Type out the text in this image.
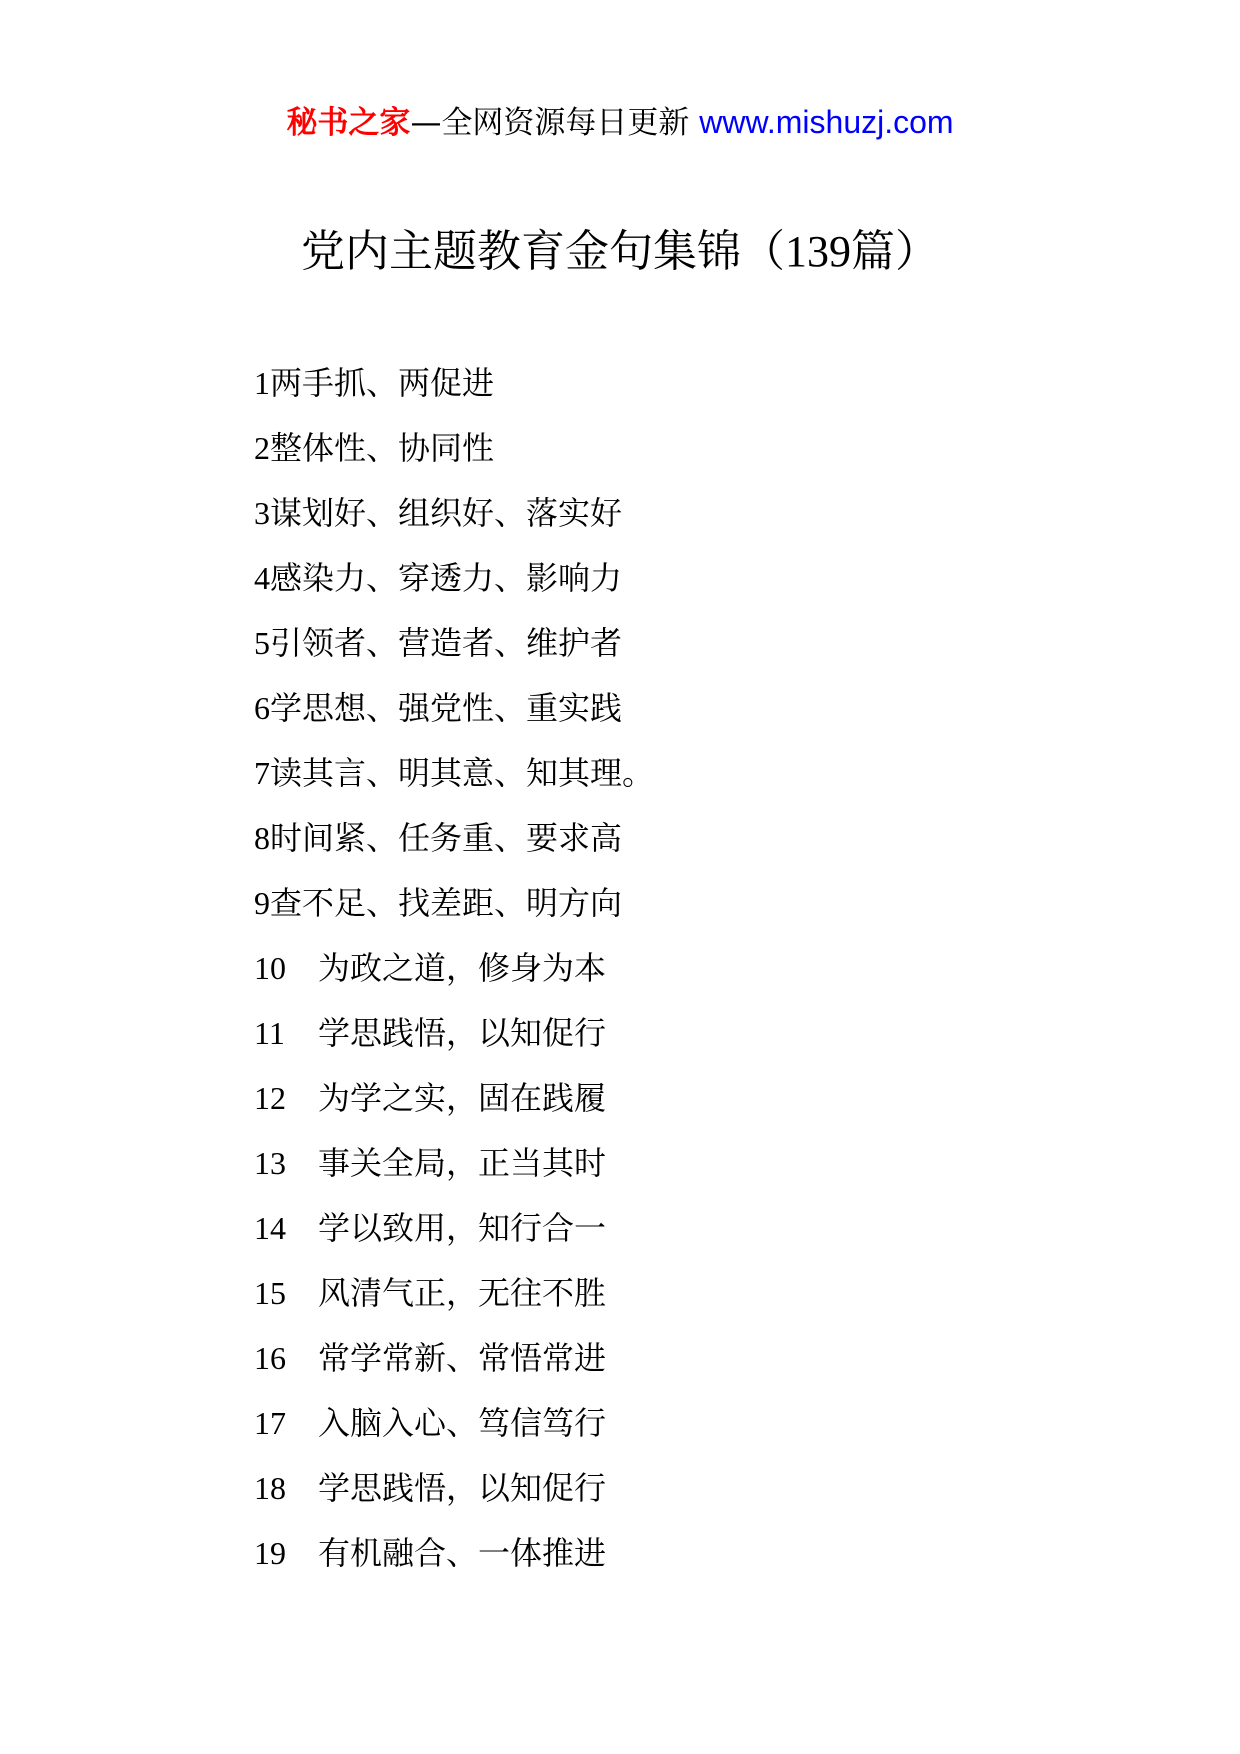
秘书之家—全网资源每日更新 www.mishuzj.com
党内主题教育金句集锦（139篇）
1两手抓、两促进
2整体性、协同性
3谋划好、组织好、落实好
4感染力、穿透力、影响力
5引领者、营造者、维护者
6学思想、强党性、重实践
7读其言、明其意、知其理。
8时间紧、任务重、要求高
9查不足、找差距、明方向
10 为政之道，修身为本
11 学思践悟，以知促行
12 为学之实，固在践履
13 事关全局，正当其时
14 学以致用，知行合一
15 风清气正，无往不胜
16 常学常新、常悟常进
17 入脑入心、笃信笃行
18 学思践悟，以知促行
19 有机融合、一体推进
